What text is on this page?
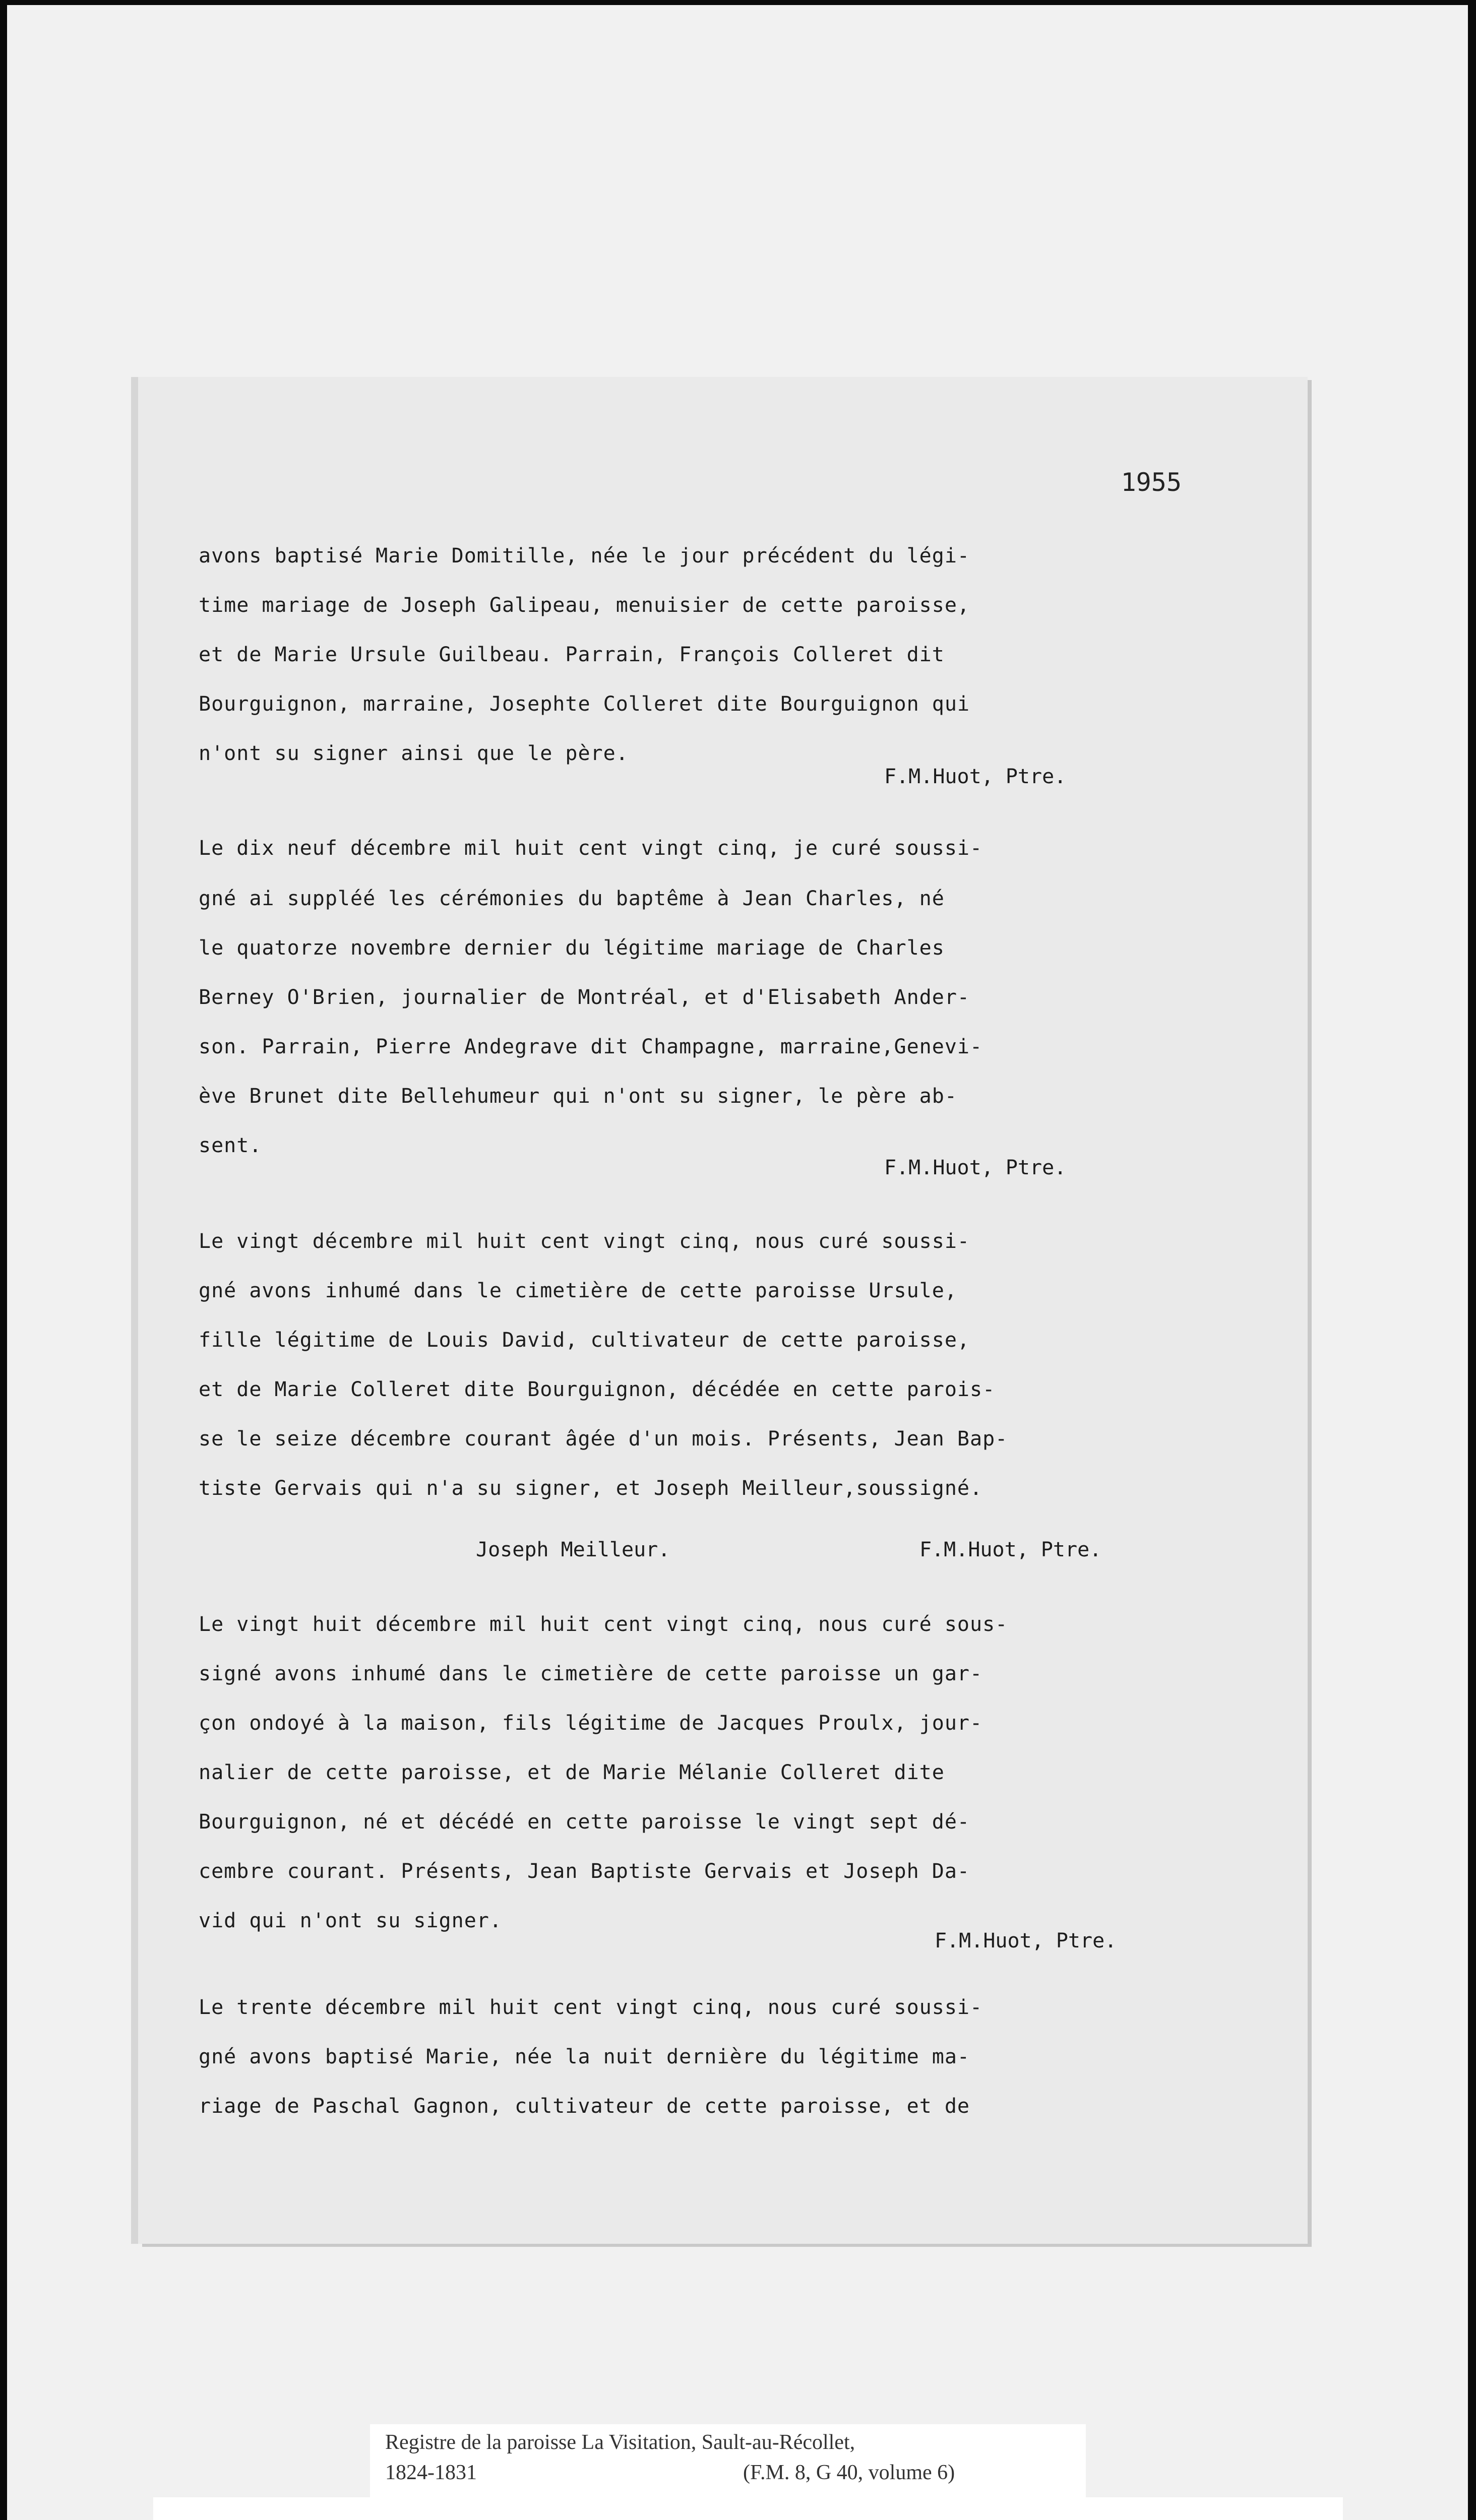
1955
avons baptisé Marie Domitille, née le jour précédent du légi-
time mariage de Joseph Galipeau, menuisier de cette paroisse,
et de Marie Ursule Guilbeau. Parrain, François Colleret dit
Bourguignon, marraine, Josephte Colleret dite Bourguignon qui
n'ont su signer ainsi que le père.
F.M.Huot, Ptre.
Le dix neuf décembre mil huit cent vingt cinq, je curé soussi-
gné ai suppléé les cérémonies du baptême à Jean Charles, né
le quatorze novembre dernier du légitime mariage de Charles
Berney O'Brien, journalier de Montréal, et d'Elisabeth Ander-
son. Parrain, Pierre Andegrave dit Champagne, marraine,Genevi-
ève Brunet dite Bellehumeur qui n'ont su signer, le père ab-
sent.
F.M.Huot, Ptre.
Le vingt décembre mil huit cent vingt cinq, nous curé soussi-
gné avons inhumé dans le cimetière de cette paroisse Ursule,
fille légitime de Louis David, cultivateur de cette paroisse,
et de Marie Colleret dite Bourguignon, décédée en cette parois-
se le seize décembre courant âgée d'un mois. Présents, Jean Bap-
tiste Gervais qui n'a su signer, et Joseph Meilleur,soussigné.
Joseph Meilleur.	F.M.Huot, Ptre.
Le vingt huit décembre mil huit cent vingt cinq, nous curé sous-
signé avons inhumé dans le cimetière de cette paroisse un gar-
çon ondoyé à la maison, fils légitime de Jacques Proulx, jour-
nalier de cette paroisse, et de Marie Mélanie Colleret dite
Bourguignon, né et décédé en cette paroisse le vingt sept dé-
cembre courant. Présents, Jean Baptiste Gervais et Joseph Da-
vid qui n'ont su signer.
F.M.Huot, Ptre.
Le trente décembre mil huit cent vingt cinq, nous curé soussi-
gné avons baptisé Marie, née la nuit dernière du légitime ma-
riage de Paschal Gagnon, cultivateur de cette paroisse, et de
Registre de la paroisse La Visitation, Sault-au-Récollet,
1824-1831	(F.M. 8, G 40, volume 6)
